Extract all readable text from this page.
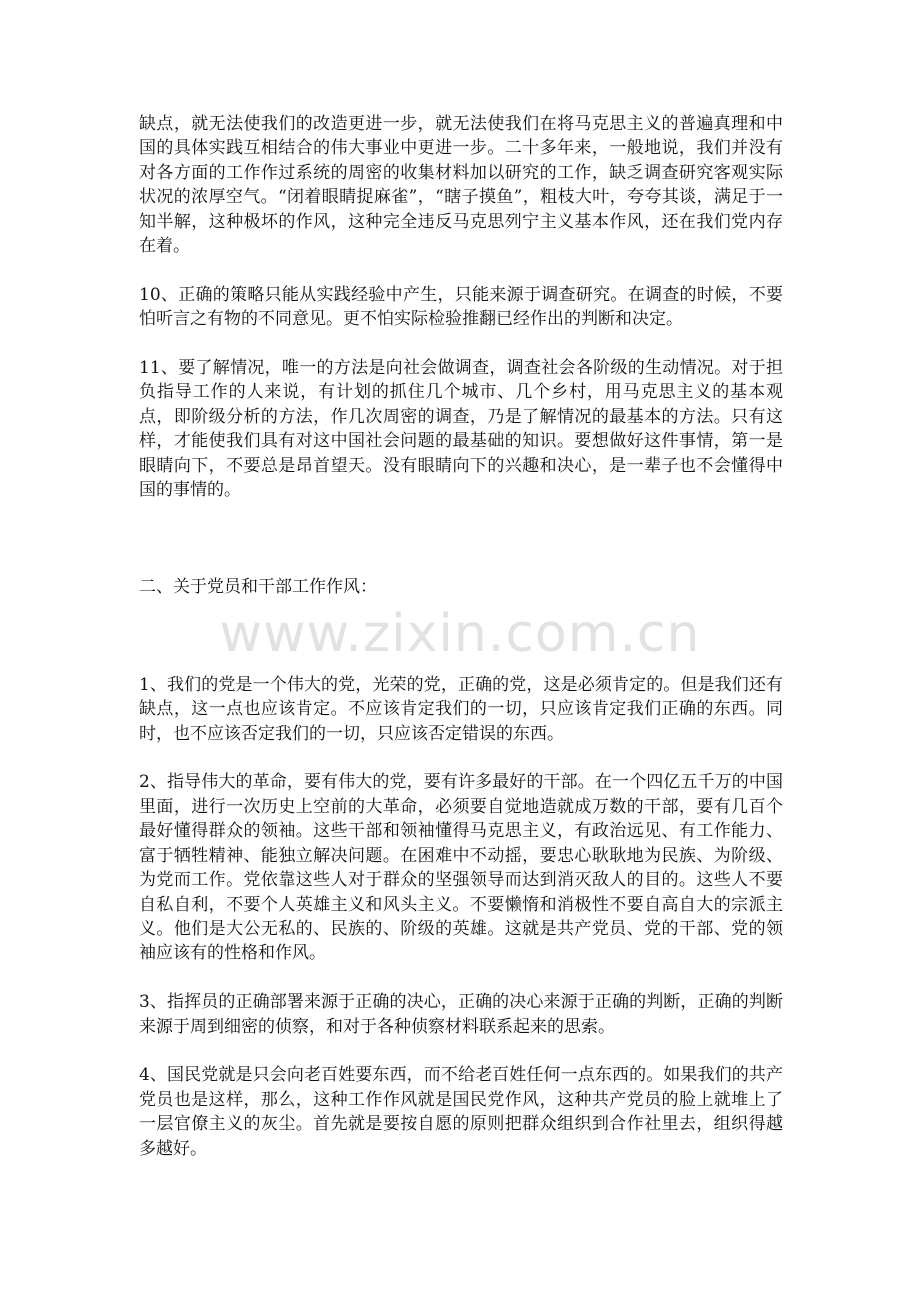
www.zixin.com.cn

缺点，就无法使我们的改造更进一步，就无法使我们在将马克思主义的普遍真理和中国的具体实践互相结合的伟大事业中更进一步。二十多年来，一般地说，我们并没有对各方面的工作作过系统的周密的收集材料加以研究的工作，缺乏调查研究客观实际状况的浓厚空气。“闭着眼睛捉麻雀”，“瞎子摸鱼”，粗枝大叶，夸夸其谈，满足于一知半解，这种极坏的作风，这种完全违反马克思列宁主义基本作风，还在我们党内存在着。

10、正确的策略只能从实践经验中产生，只能来源于调查研究。在调查的时候，不要怕听言之有物的不同意见。更不怕实际检验推翻已经作出的判断和决定。

11、要了解情况，唯一的方法是向社会做调查，调查社会各阶级的生动情况。对于担负指导工作的人来说，有计划的抓住几个城市、几个乡村，用马克思主义的基本观点，即阶级分析的方法，作几次周密的调查，乃是了解情况的最基本的方法。只有这样，才能使我们具有对这中国社会问题的最基础的知识。要想做好这件事情，第一是眼睛向下，不要总是昂首望天。没有眼睛向下的兴趣和决心，是一辈子也不会懂得中国的事情的。

二、关于党员和干部工作作风：

1、我们的党是一个伟大的党，光荣的党，正确的党，这是必须肯定的。但是我们还有缺点，这一点也应该肯定。不应该肯定我们的一切，只应该肯定我们正确的东西。同时，也不应该否定我们的一切，只应该否定错误的东西。

2、指导伟大的革命，要有伟大的党，要有许多最好的干部。在一个四亿五千万的中国里面，进行一次历史上空前的大革命，必须要自觉地造就成万数的干部，要有几百个最好懂得群众的领袖。这些干部和领袖懂得马克思主义，有政治远见、有工作能力、富于牺牲精神、能独立解决问题。在困难中不动摇，要忠心耿耿地为民族、为阶级、为党而工作。党依靠这些人对于群众的坚强领导而达到消灭敌人的目的。这些人不要自私自利，不要个人英雄主义和风头主义。不要懒惰和消极性不要自高自大的宗派主义。他们是大公无私的、民族的、阶级的英雄。这就是共产党员、党的干部、党的领袖应该有的性格和作风。

3、指挥员的正确部署来源于正确的决心，正确的决心来源于正确的判断，正确的判断来源于周到细密的侦察，和对于各种侦察材料联系起来的思索。

4、国民党就是只会向老百姓要东西，而不给老百姓任何一点东西的。如果我们的共产党员也是这样，那么，这种工作作风就是国民党作风，这种共产党员的脸上就堆上了一层官僚主义的灰尘。首先就是要按自愿的原则把群众组织到合作社里去，组织得越多越好。
